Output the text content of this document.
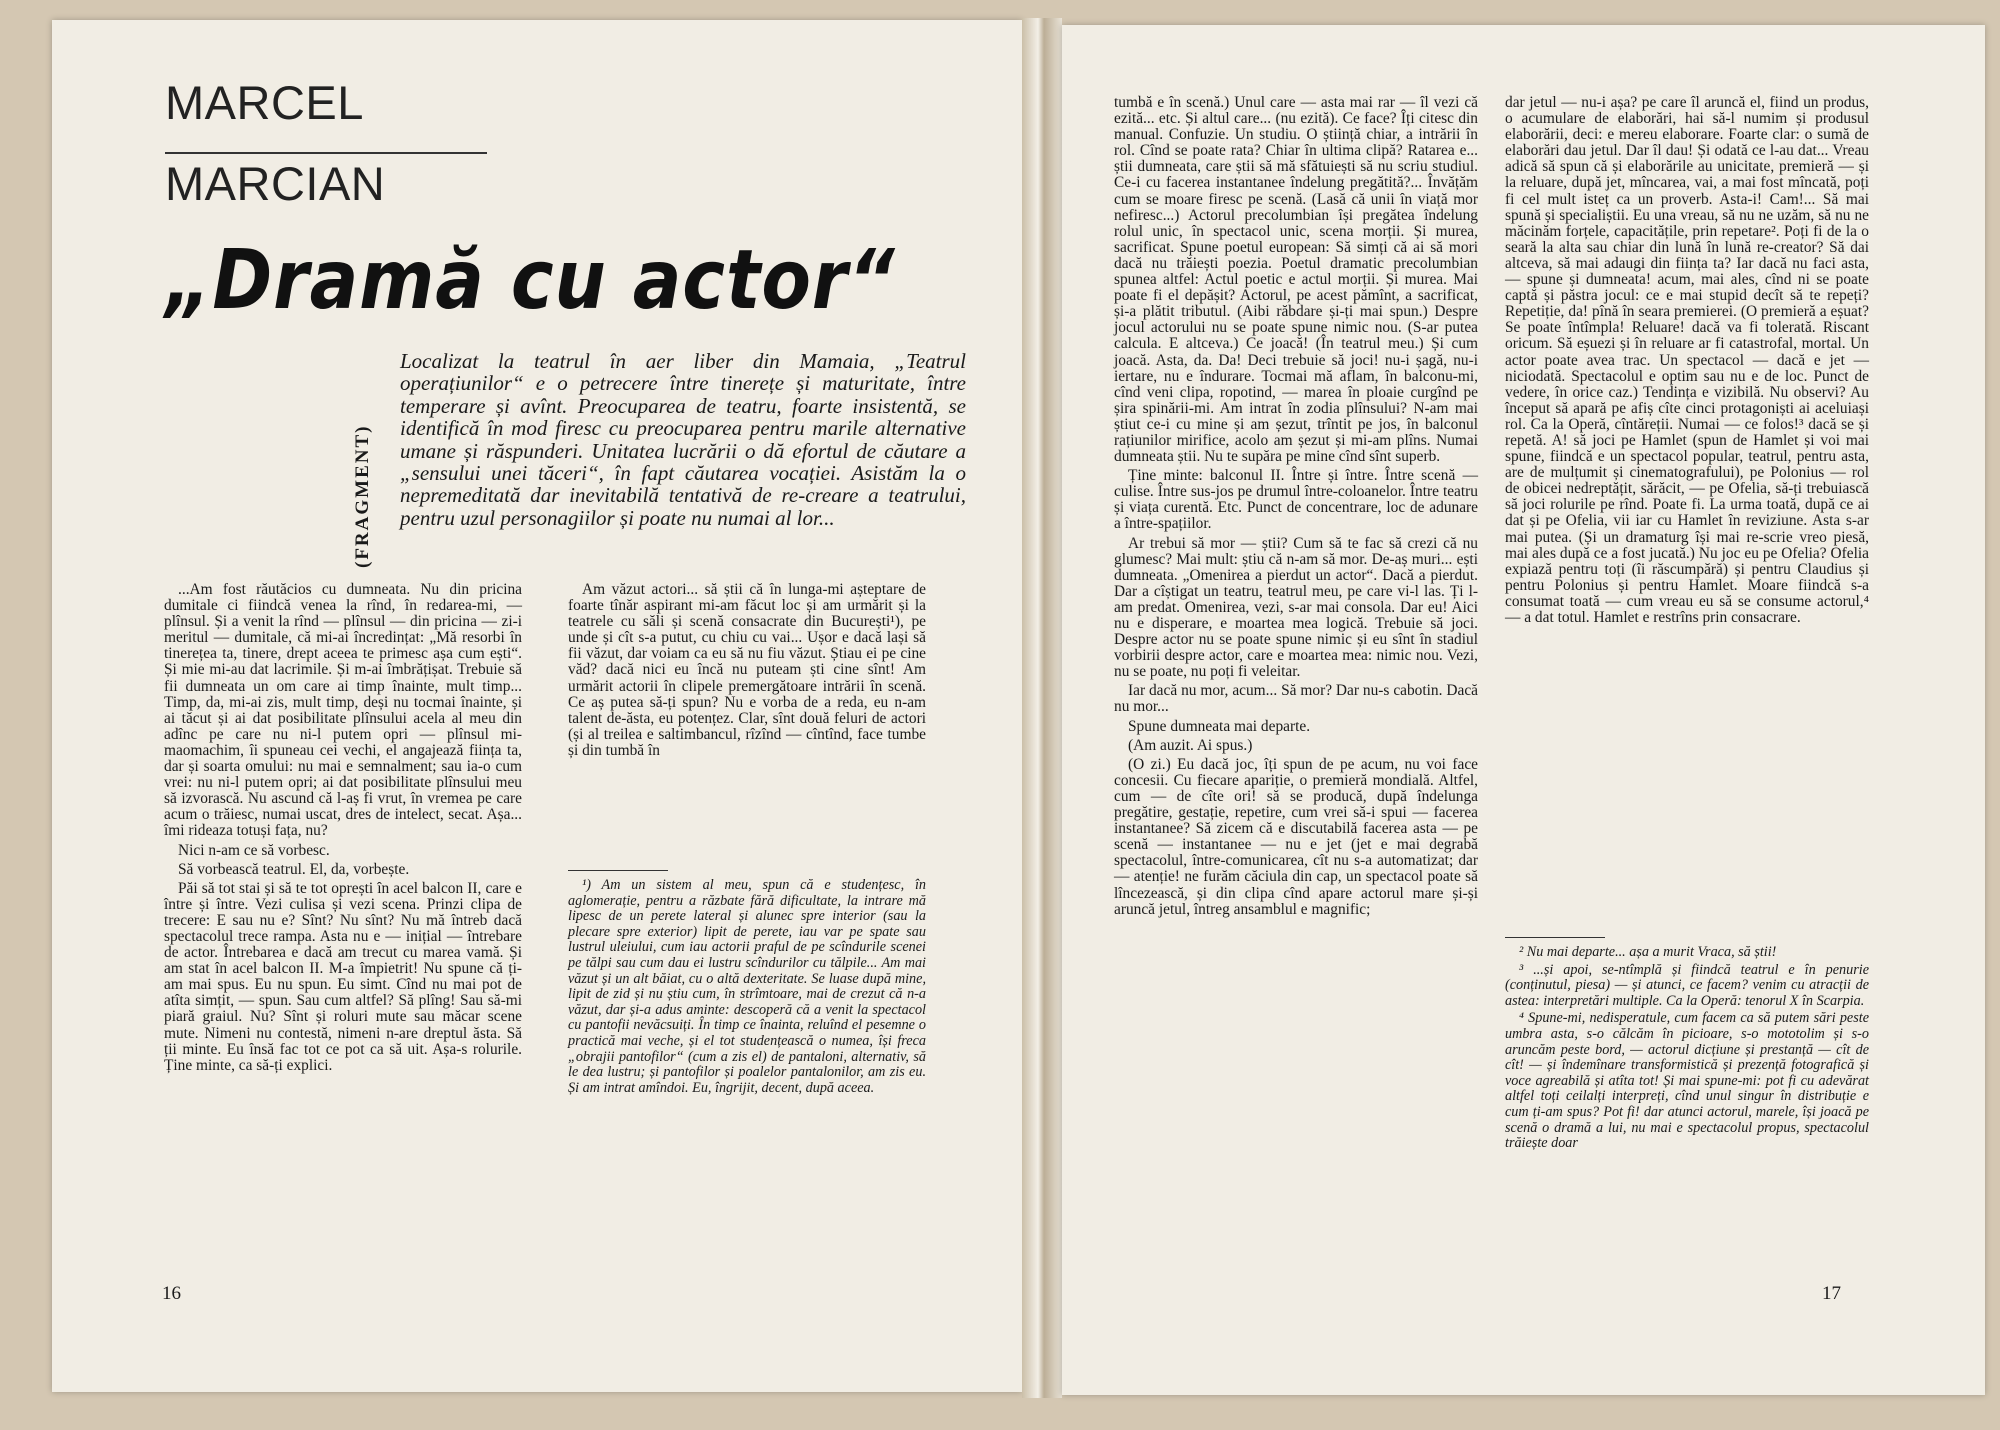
MARCEL
MARCIAN
„Dramă cu actor“
(FRAGMENT)
Localizat la teatrul în aer liber din Mamaia, „Teatrul operațiunilor“ e o petrecere între tinerețe și maturitate, între temperare și avînt. Preocuparea de teatru, foarte insistentă, se identifică în mod firesc cu preocuparea pentru marile alternative umane și răspunderi. Unitatea lucrării o dă efortul de căutare a „sensului unei tăceri“, în fapt căutarea vocației. Asistăm la o nepremeditată dar inevitabilă tentativă de re-creare a teatrului, pentru uzul personagiilor și poate nu numai al lor...

...Am fost răutăcios cu dumneata. Nu din pricina dumitale ci fiindcă venea la rînd, în redarea-mi, — plînsul. Și a venit la rînd — plînsul — din pricina — zi-i meritul — dumitale, că mi-ai încredințat: „Mă resorbi în tinerețea ta, tinere, drept aceea te primesc așa cum ești“. Și mie mi-au dat lacrimile. Și m-ai îmbrățișat. Trebuie să fii dumneata un om care ai timp înainte, mult timp... Timp, da, mi-ai zis, mult timp, deși nu tocmai înainte, și ai tăcut și ai dat posibilitate plînsului acela al meu din adînc pe care nu ni-l putem opri — plînsul mi-maomachim, îi spuneau cei vechi, el angajează ființa ta, dar și soarta omului: nu mai e semnalment; sau ia-o cum vrei: nu ni-l putem opri; ai dat posibilitate plînsului meu să izvorască. Nu ascund că l-aș fi vrut, în vremea pe care acum o trăiesc, numai uscat, dres de intelect, secat. Așa... îmi rideaza totuși fața, nu?

Nici n-am ce să vorbesc.

Să vorbească teatrul. El, da, vorbește.

Păi să tot stai și să te tot oprești în acel balcon II, care e între și între. Vezi culisa și vezi scena. Prinzi clipa de trecere: E sau nu e? Sînt? Nu sînt? Nu mă întreb dacă spectacolul trece rampa. Asta nu e — inițial — întrebare de actor. Întrebarea e dacă am trecut cu marea vamă. Și am stat în acel balcon II. M-a împietrit! Nu spune că ți-am mai spus. Eu nu spun. Eu simt. Cînd nu mai pot de atîta simțit, — spun. Sau cum altfel? Să plîng! Sau să-mi piară graiul. Nu? Sînt și roluri mute sau măcar scene mute. Nimeni nu contestă, nimeni n-are dreptul ăsta. Să ții minte. Eu însă fac tot ce pot ca să uit. Așa-s rolurile. Ține minte, ca să-ți explici.

Am văzut actori... să știi că în lunga-mi așteptare de foarte tînăr aspirant mi-am făcut loc și am urmărit și la teatrele cu săli și scenă consacrate din București¹), pe unde și cît s-a putut, cu chiu cu vai... Ușor e dacă lași să fii văzut, dar voiam ca eu să nu fiu văzut. Știau ei pe cine văd? dacă nici eu încă nu puteam ști cine sînt! Am urmărit actorii în clipele premergătoare intrării în scenă. Ce aș putea să-ți spun? Nu e vorba de a reda, eu n-am talent de-ăsta, eu potențez. Clar, sînt două feluri de actori (și al treilea e saltimbancul, rîzînd — cîntînd, face tumbe și din tumbă în

¹) Am un sistem al meu, spun că e studențesc, în aglomerație, pentru a răzbate fără dificultate, la intrare mă lipesc de un perete lateral și alunec spre interior (sau la plecare spre exterior) lipit de perete, iau var pe spate sau lustrul uleiului, cum iau actorii praful de pe scîndurile scenei pe tălpi sau cum dau ei lustru scîndurilor cu tălpile... Am mai văzut și un alt băiat, cu o altă dexteritate. Se luase după mine, lipit de zid și nu știu cum, în strîmtoare, mai de crezut că n-a văzut, dar și-a adus aminte: descoperă că a venit la spectacol cu pantofii nevăcsuiți. În timp ce înainta, reluînd el pesemne o practică mai veche, și el tot studențească o numea, își freca „obrajii pantofilor“ (cum a zis el) de pantaloni, alternativ, să le dea lustru; și pantofilor și poalelor pantalonilor, am zis eu. Și am intrat amîndoi. Eu, îngrijit, decent, după aceea.

16

tumbă e în scenă.) Unul care — asta mai rar — îl vezi că ezită... etc. Și altul care... (nu ezită). Ce face? Îți citesc din manual. Confuzie. Un studiu. O știință chiar, a intrării în rol. Cînd se poate rata? Chiar în ultima clipă? Ratarea e... știi dumneata, care știi să mă sfătuiești să nu scriu studiul. Ce-i cu facerea instantanee îndelung pregătită?... Învățăm cum se moare firesc pe scenă. (Lasă că unii în viață mor nefiresc...) Actorul precolumbian își pregătea îndelung rolul unic, în spectacol unic, scena morții. Și murea, sacrificat. Spune poetul european: Să simți că ai să mori dacă nu trăiești poezia. Poetul dramatic precolumbian spunea altfel: Actul poetic e actul morții. Și murea. Mai poate fi el depășit? Actorul, pe acest pămînt, a sacrificat, și-a plătit tributul. (Aibi răbdare și-ți mai spun.) Despre jocul actorului nu se poate spune nimic nou. (S-ar putea calcula. E altceva.) Ce joacă! (În teatrul meu.) Și cum joacă. Asta, da. Da! Deci trebuie să joci! nu-i șagă, nu-i iertare, nu e îndurare. Tocmai mă aflam, în balconu-mi, cînd veni clipa, ropotind, — marea în ploaie curgînd pe șira spinării-mi. Am intrat în zodia plînsului? N-am mai știut ce-i cu mine și am șezut, trîntit pe jos, în balconul rațiunilor mirifice, acolo am șezut și mi-am plîns. Numai dumneata știi. Nu te supăra pe mine cînd sînt superb.

Ține minte: balconul II. Între și între. Între scenă — culise. Între sus-jos pe drumul între-coloanelor. Între teatru și viața curentă. Etc. Punct de concentrare, loc de adunare a între-spațiilor.

Ar trebui să mor — știi? Cum să te fac să crezi că nu glumesc? Mai mult: știu că n-am să mor. De-aș muri... ești dumneata. „Omenirea a pierdut un actor“. Dacă a pierdut. Dar a cîștigat un teatru, teatrul meu, pe care vi-l las. Ți l-am predat. Omenirea, vezi, s-ar mai consola. Dar eu! Aici nu e disperare, e moartea mea logică. Trebuie să joci. Despre actor nu se poate spune nimic și eu sînt în stadiul vorbirii despre actor, care e moartea mea: nimic nou. Vezi, nu se poate, nu poți fi veleitar.

Iar dacă nu mor, acum... Să mor? Dar nu-s cabotin. Dacă nu mor...

Spune dumneata mai departe.

(Am auzit. Ai spus.)

(O zi.) Eu dacă joc, îți spun de pe acum, nu voi face concesii. Cu fiecare apariție, o premieră mondială. Altfel, cum — de cîte ori! să se producă, după îndelunga pregătire, gestație, repetire, cum vrei să-i spui — facerea instantanee? Să zicem că e discutabilă facerea asta — pe scenă — instantanee — nu e jet (jet e mai degrabă spectacolul, între-comunicarea, cît nu s-a automatizat; dar — atenție! ne furăm căciula din cap, un spectacol poate să lîncezească, și din clipa cînd apare actorul mare și-și aruncă jetul, întreg ansamblul e magnific;

dar jetul — nu-i așa? pe care îl aruncă el, fiind un produs, o acumulare de elaborări, hai să-l numim și produsul elaborării, deci: e mereu elaborare. Foarte clar: o sumă de elaborări dau jetul. Dar îl dau! Și odată ce l-au dat... Vreau adică să spun că și elaborările au unicitate, premieră — și la reluare, după jet, mîncarea, vai, a mai fost mîncată, poți fi cel mult isteț ca un proverb. Asta-i! Cam!... Să mai spună și specialiștii. Eu una vreau, să nu ne uzăm, să nu ne măcinăm forțele, capacitățile, prin repetare². Poți fi de la o seară la alta sau chiar din lună în lună re-creator? Să dai altceva, să mai adaugi din ființa ta? Iar dacă nu faci asta, — spune și dumneata! acum, mai ales, cînd ni se poate captă și păstra jocul: ce e mai stupid decît să te repeți? Repetiție, da! pînă în seara premierei. (O premieră a eșuat? Se poate întîmpla! Reluare! dacă va fi tolerată. Riscant oricum. Să eșuezi și în reluare ar fi catastrofal, mortal. Un actor poate avea trac. Un spectacol — dacă e jet — niciodată. Spectacolul e optim sau nu e de loc. Punct de vedere, în orice caz.) Tendința e vizibilă. Nu observi? Au început să apară pe afiș cîte cinci protagoniști ai aceluiași rol. Ca la Operă, cîntăreții. Numai — ce folos!³ dacă se și repetă. A! să joci pe Hamlet (spun de Hamlet și voi mai spune, fiindcă e un spectacol popular, teatrul, pentru asta, are de mulțumit și cinematografului), pe Polonius — rol de obicei nedreptățit, sărăcit, — pe Ofelia, să-ți trebuiască să joci rolurile pe rînd. Poate fi. La urma toată, după ce ai dat și pe Ofelia, vii iar cu Hamlet în reviziune. Asta s-ar mai putea. (Și un dramaturg își mai re-scrie vreo piesă, mai ales după ce a fost jucată.) Nu joc eu pe Ofelia? Ofelia expiază pentru toți (îi răscumpără) și pentru Claudius și pentru Polonius și pentru Hamlet. Moare fiindcă s-a consumat toată — cum vreau eu să se consume actorul,⁴ — a dat totul. Hamlet e restrîns prin consacrare.

² Nu mai departe... așa a murit Vraca, să știi!

³ ...și apoi, se-ntîmplă și fiindcă teatrul e în penurie (conținutul, piesa) — și atunci, ce facem? venim cu atracții de astea: interpretări multiple. Ca la Operă: tenorul X în Scarpia.

⁴ Spune-mi, nedisperatule, cum facem ca să putem sări peste umbra asta, s-o călcăm în picioare, s-o mototolim și s-o aruncăm peste bord, — actorul dicțiune și prestanță — cît de cît! — și îndemînare transformistică și prezență fotografică și voce agreabilă și atîta tot! Și mai spune-mi: pot fi cu adevărat altfel toți ceilalți interpreți, cînd unul singur în distribuție e cum ți-am spus? Pot fi! dar atunci actorul, marele, își joacă pe scenă o dramă a lui, nu mai e spectacolul propus, spectacolul trăiește doar

17
